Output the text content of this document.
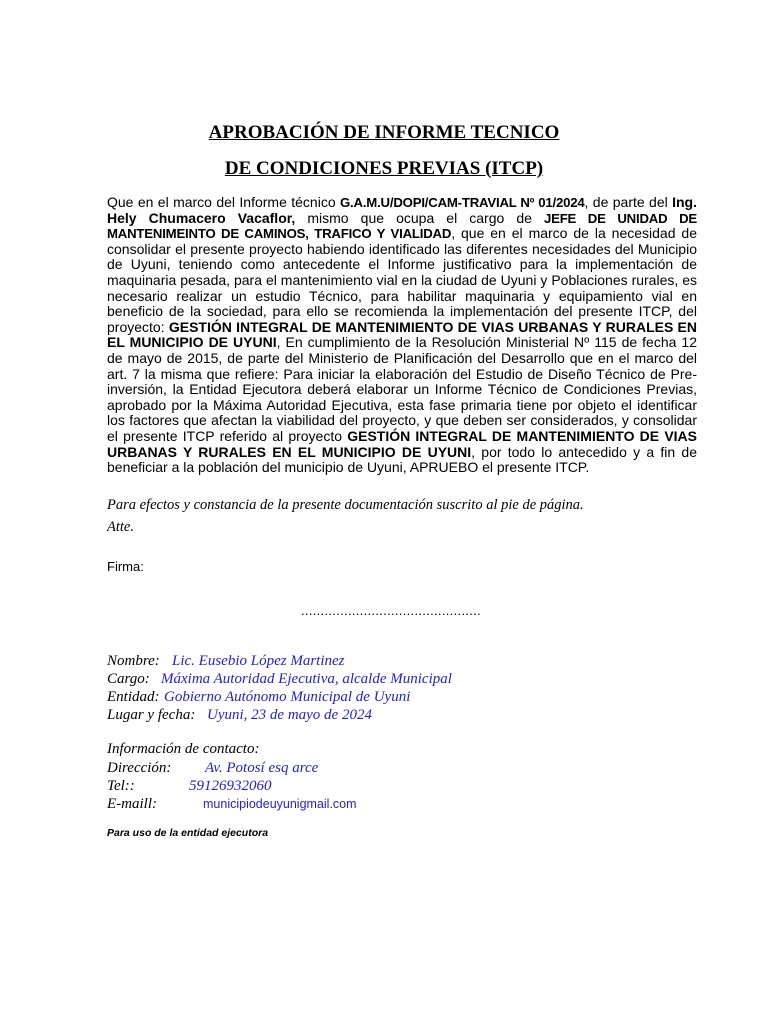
APROBACIÓN DE INFORME TECNICO
DE CONDICIONES PREVIAS (ITCP)
Que en el marco del Informe técnico G.A.M.U/DOPI/CAM-TRAVIAL Nº 01/2024, de parte del Ing. Hely Chumacero Vacaflor, mismo que ocupa el cargo de JEFE DE UNIDAD DE MANTENIMEINTO DE CAMINOS, TRAFICO Y VIALIDAD, que en el marco de la necesidad de consolidar el presente proyecto habiendo identificado las diferentes necesidades del Municipio de Uyuni, teniendo como antecedente el Informe justificativo para la implementación de maquinaria pesada, para el mantenimiento vial en la ciudad de Uyuni y Poblaciones rurales, es necesario realizar un estudio Técnico, para habilitar maquinaria y equipamiento vial en beneficio de la sociedad, para ello se recomienda la implementación del presente ITCP, del proyecto: GESTIÓN INTEGRAL DE MANTENIMIENTO DE VIAS URBANAS Y RURALES EN EL MUNICIPIO DE UYUNI, En cumplimiento de la Resolución Ministerial Nº 115 de fecha 12 de mayo de 2015, de parte del Ministerio de Planificación del Desarrollo que en el marco del art. 7 la misma que refiere: Para iniciar la elaboración del Estudio de Diseño Técnico de Pre-inversión, la Entidad Ejecutora deberá elaborar un Informe Técnico de Condiciones Previas, aprobado por la Máxima Autoridad Ejecutiva, esta fase primaria tiene por objeto el identificar los factores que afectan la viabilidad del proyecto, y que deben ser considerados, y consolidar el presente ITCP referido al proyecto GESTIÓN INTEGRAL DE MANTENIMIENTO DE VIAS URBANAS Y RURALES EN EL MUNICIPIO DE UYUNI, por todo lo antecedido y a fin de beneficiar a la población del municipio de Uyuni, APRUEBO el presente ITCP.
Para efectos y constancia de la presente documentación suscrito al pie de página.
Atte.
Firma:
..............................................
Nombre: Lic. Eusebio López Martinez
Cargo: Máxima Autoridad Ejecutiva, alcalde Municipal
Entidad: Gobierno Autónomo Municipal de Uyuni
Lugar y fecha: Uyuni, 23 de mayo de 2024
Información de contacto:
Dirección: Av. Potosí esq arce
Tel::	59126932060
E-maill:	municipiodeuyunigmail.com
Para uso de la entidad ejecutora
